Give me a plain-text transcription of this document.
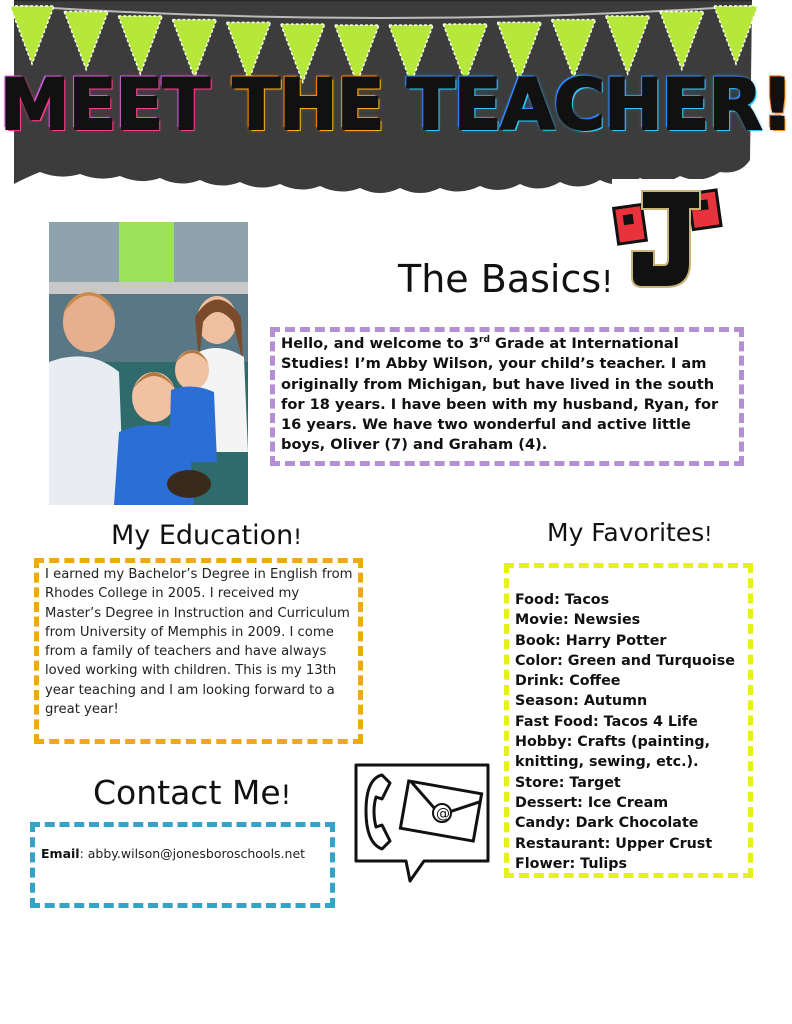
MEET THE TEACHER!
The Basics!
Hello, and welcome to 3rd Grade at International Studies! I’m Abby Wilson, your child’s teacher. I am originally from Michigan, but have lived in the south for 18 years. I have been with my husband, Ryan, for 16 years. We have two wonderful and active little boys, Oliver (7) and Graham (4).
My Education!
I earned my Bachelor’s Degree in English from Rhodes College in 2005. I received my Master’s Degree in Instruction and Curriculum from University of Memphis in 2009. I come from a family of teachers and have always loved working with children. This is my 13th year teaching and I am looking forward to a great year!
My Favorites!
Food: Tacos
Movie: Newsies
Book: Harry Potter
Color: Green and Turquoise
Drink: Coffee
Season: Autumn
Fast Food: Tacos 4 Life
Hobby: Crafts (painting, knitting, sewing, etc.).
Store: Target
Dessert: Ice Cream
Candy: Dark Chocolate
Restaurant: Upper Crust
Flower: Tulips
Contact Me!
Email: abby.wilson@jonesboroschools.net
@
